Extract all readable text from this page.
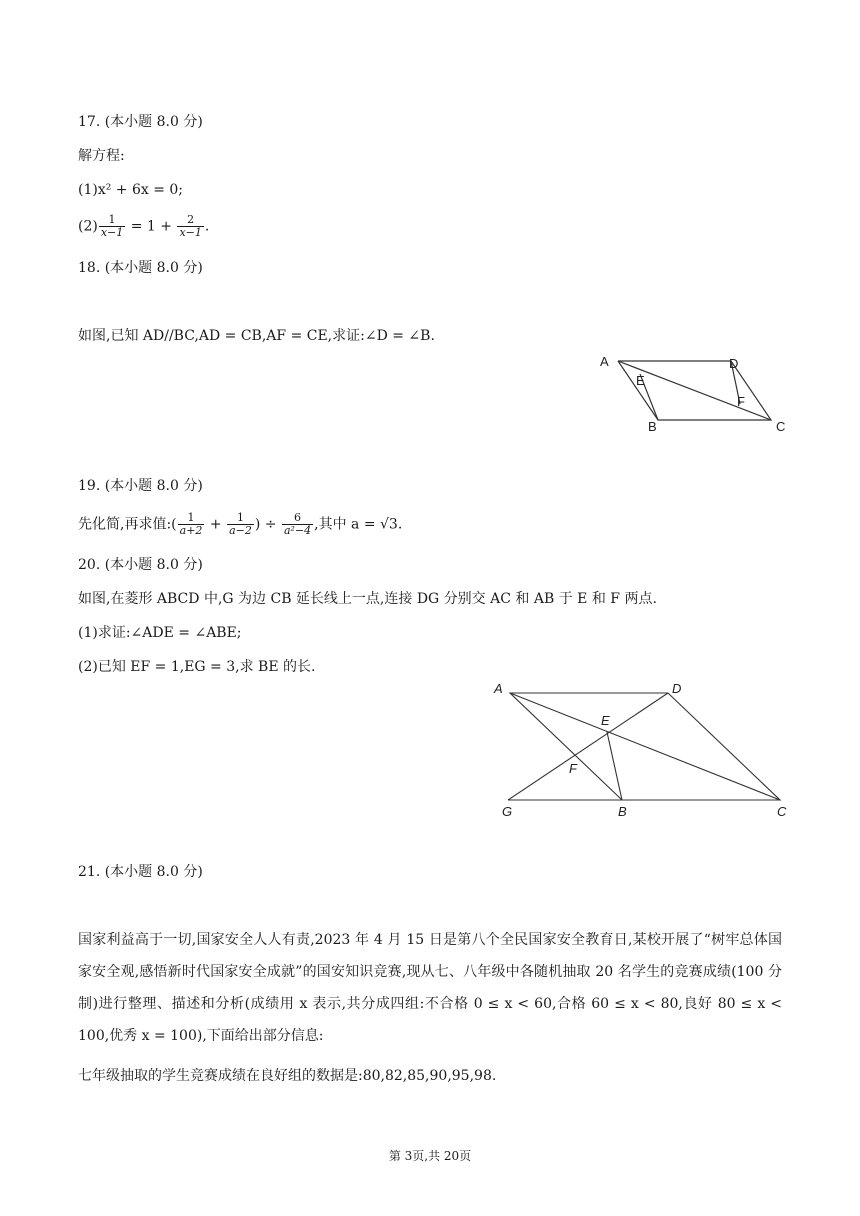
17. (本小题 8.0 分)
解方程:
(1)x² + 6x = 0;
$(2) \frac{1}{x-1} = 1 + \frac{2}{x-1}$ .
18. (本小题 8.0 分)
如图,已知 AD//BC,AD = CB,AF = CE,求证:∠D = ∠B.
A	D
E
F
B	C
19. (本小题 8.0 分)
先化简,再求值:( $\frac{1}{a+2} + \frac{1}{a-2}$ ) ÷ $\frac{6}{\text{a²−4}}$ ,其中 a = √3.
20. (本小题 8.0 分)
如图,在菱形 ABCD 中,G 为边 CB 延长线上一点,连接 DG 分别交 AC 和 AB 于 E 和 F 两点.
(1)求证:∠ADE = ∠ABE;
(2)已知 EF = 1,EG = 3,求 BE 的长.
A	D
E
F
G	B	C
21. (本小题 8.0 分)
国家利益高于一切,国家安全人人有责,2023 年 4 月 15 日是第八个全民国家安全教育日,某校开展了“树牢总体国家安全观,感悟新时代国家安全成就”的国安知识竞赛,现从七、八年级中各随机抽取 20 名学生的竞赛成绩(100 分制)进行整理、描述和分析(成绩用 x 表示,共分成四组:不合格 0 ≤ x < 60,合格 60 ≤ x < 80,良好 80 ≤ x < 100,优秀 x = 100),下面给出部分信息:
七年级抽取的学生竞赛成绩在良好组的数据是:80,82,85,90,95,98.
第 3页,共 20页
